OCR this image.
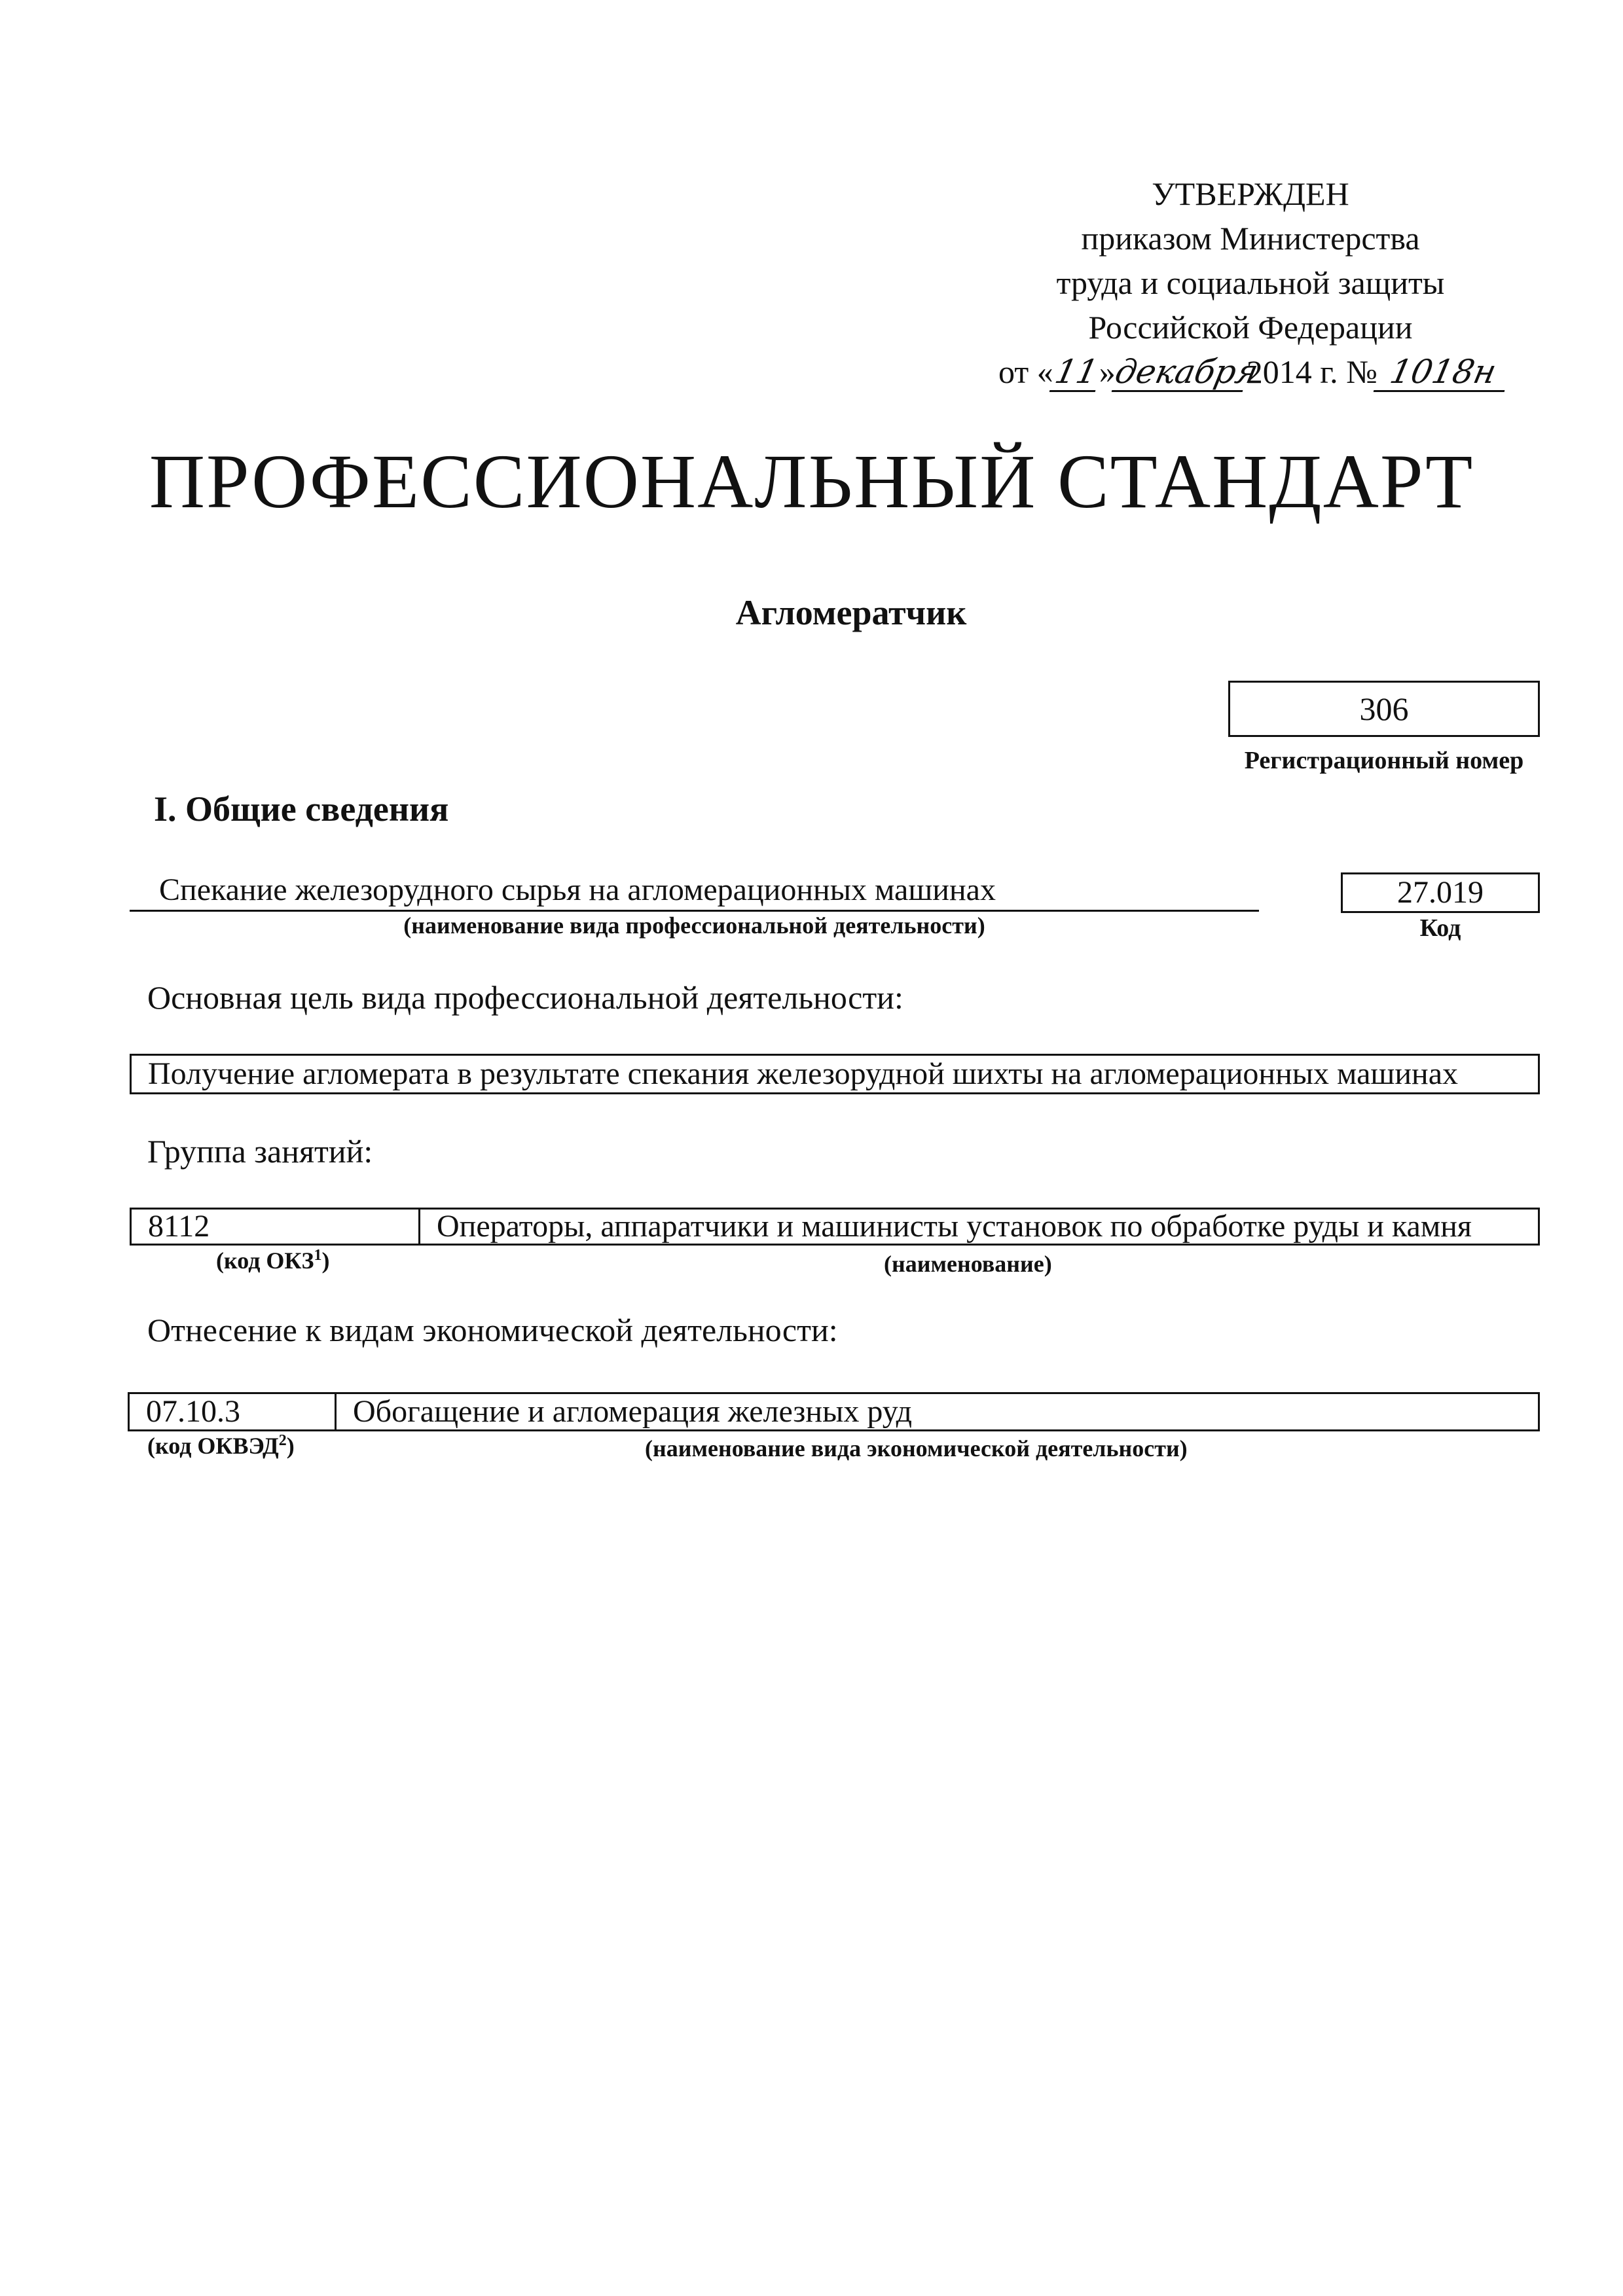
УТВЕРЖДЕН
приказом Министерства
труда и социальной защиты
Российской Федерации
от «11»декабря2014 г. № 1018н
ПРОФЕССИОНАЛЬНЫЙ СТАНДАРТ
Агломератчик
306
Регистрационный номер
I. Общие сведения
Спекание железорудного сырья на агломерационных машинах
(наименование вида профессиональной деятельности)
27.019
Код
Основная цель вида профессиональной деятельности:
Получение агломерата в результате спекания железорудной шихты на агломерационных машинах
Группа занятий:
8112	Операторы, аппаратчики и машинисты установок по обработке руды и камня
(код ОКЗ$^1$)	(наименование)
Отнесение к видам экономической деятельности:
07.10.3	Обогащение и агломерация железных руд
(код ОКВЭД$^2$)	(наименование вида экономической деятельности)
